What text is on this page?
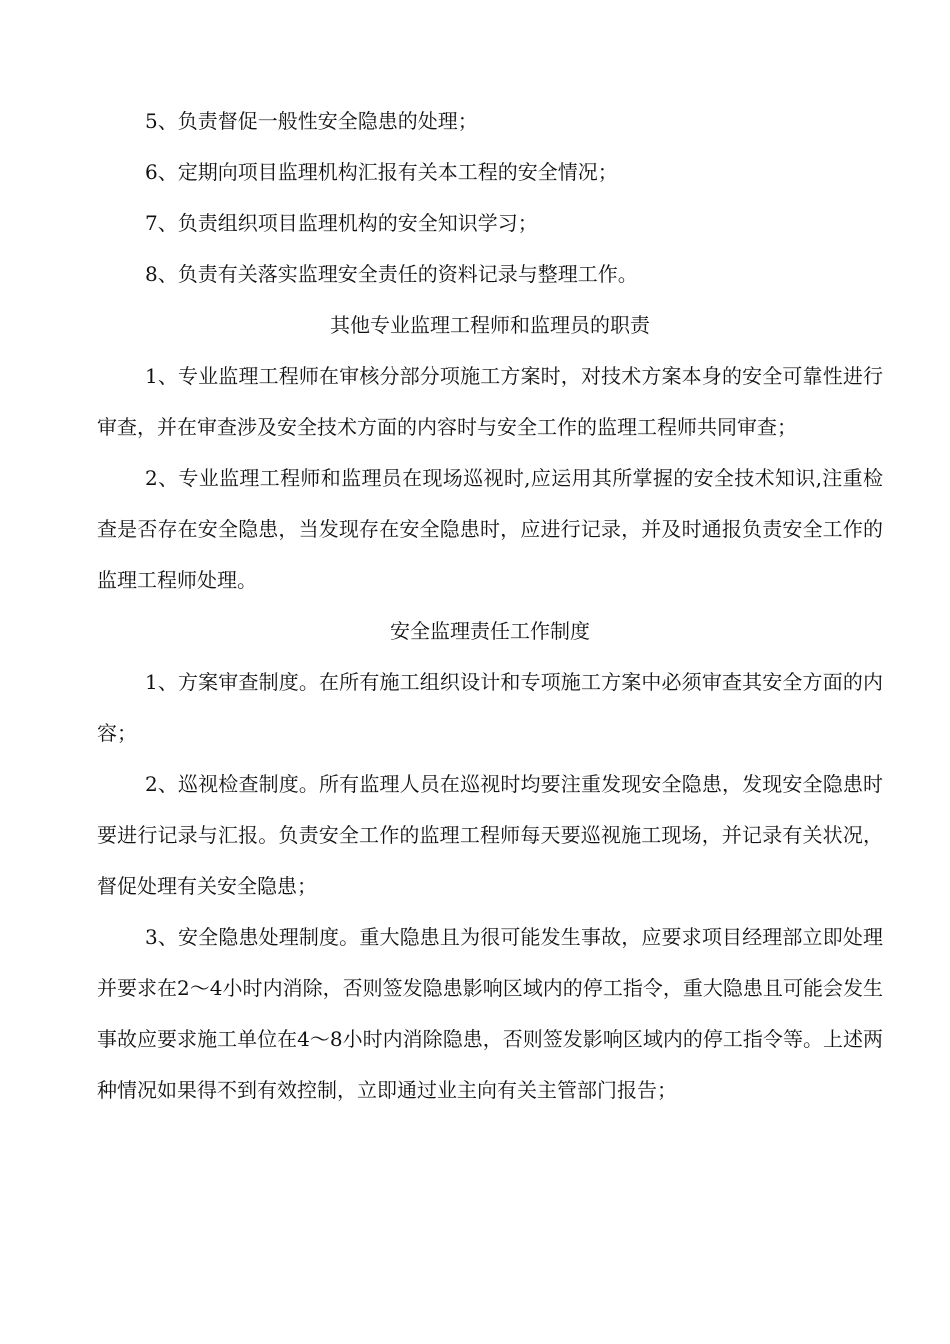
5、负责督促一般性安全隐患的处理；

6、定期向项目监理机构汇报有关本工程的安全情况；

7、负责组织项目监理机构的安全知识学习；

8、负责有关落实监理安全责任的资料记录与整理工作。

其他专业监理工程师和监理员的职责

1、专业监理工程师在审核分部分项施工方案时，对技术方案本身的安全可靠性进行审查，并在审查涉及安全技术方面的内容时与安全工作的监理工程师共同审查；

2、专业监理工程师和监理员在现场巡视时,应运用其所掌握的安全技术知识,注重检查是否存在安全隐患，当发现存在安全隐患时，应进行记录，并及时通报负责安全工作的监理工程师处理。

安全监理责任工作制度

1、方案审查制度。在所有施工组织设计和专项施工方案中必须审查其安全方面的内容；

2、巡视检查制度。所有监理人员在巡视时均要注重发现安全隐患，发现安全隐患时要进行记录与汇报。负责安全工作的监理工程师每天要巡视施工现场，并记录有关状况，督促处理有关安全隐患；

3、安全隐患处理制度。重大隐患且为很可能发生事故，应要求项目经理部立即处理并要求在2～4小时内消除，否则签发隐患影响区域内的停工指令，重大隐患且可能会发生事故应要求施工单位在4～8小时内消除隐患，否则签发影响区域内的停工指令等。上述两种情况如果得不到有效控制，立即通过业主向有关主管部门报告；
